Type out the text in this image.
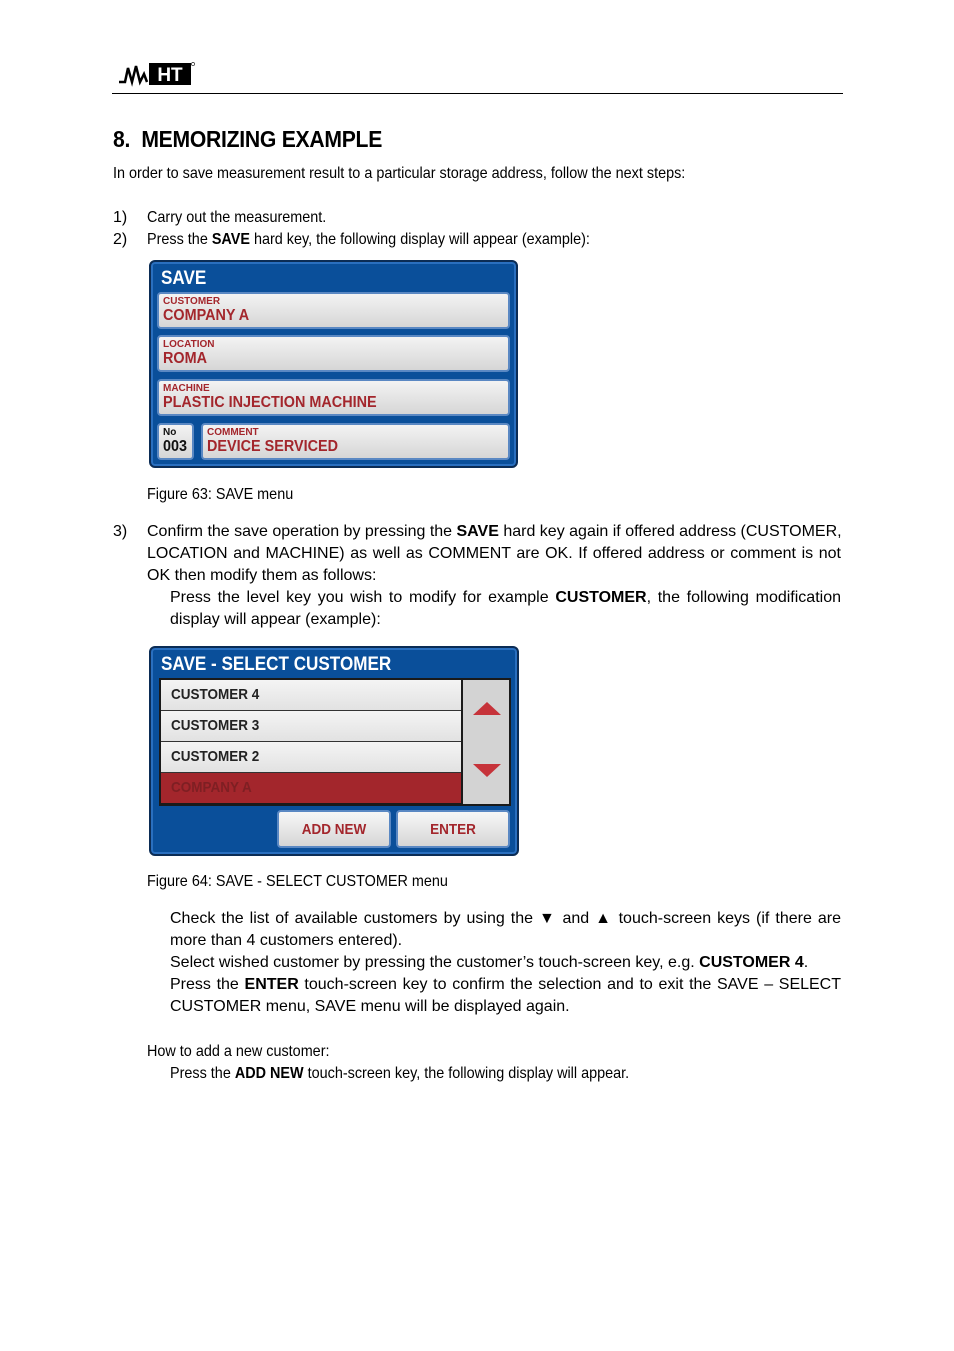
HT
8. MEMORIZING EXAMPLE
In order to save measurement result to a particular storage address, follow the next steps:
1) Carry out the measurement.
2) Press the SAVE hard key, the following display will appear (example):
SAVE
CUSTOMER
COMPANY A
LOCATION
ROMA
MACHINE
PLASTIC INJECTION MACHINE
No
003
COMMENT
DEVICE SERVICED
Figure 63: SAVE menu
3) Confirm the save operation by pressing the SAVE hard key again if offered address (CUSTOMER,
LOCATION and MACHINE) as well as COMMENT are OK. If offered address or comment is not
OK then modify them as follows:
Press the level key you wish to modify for example CUSTOMER, the following modification
display will appear (example):
SAVE - SELECT CUSTOMER
CUSTOMER 4
CUSTOMER 3
CUSTOMER 2
COMPANY A
ADD NEW	ENTER
Figure 64: SAVE - SELECT CUSTOMER menu
Check the list of available customers by using the ▼ and ▲ touch-screen keys (if there are
more than 4 customers entered).
Select wished customer by pressing the customer’s touch-screen key, e.g. CUSTOMER 4.
Press the ENTER touch-screen key to confirm the selection and to exit the SAVE – SELECT
CUSTOMER menu, SAVE menu will be displayed again.
How to add a new customer:
Press the ADD NEW touch-screen key, the following display will appear.
